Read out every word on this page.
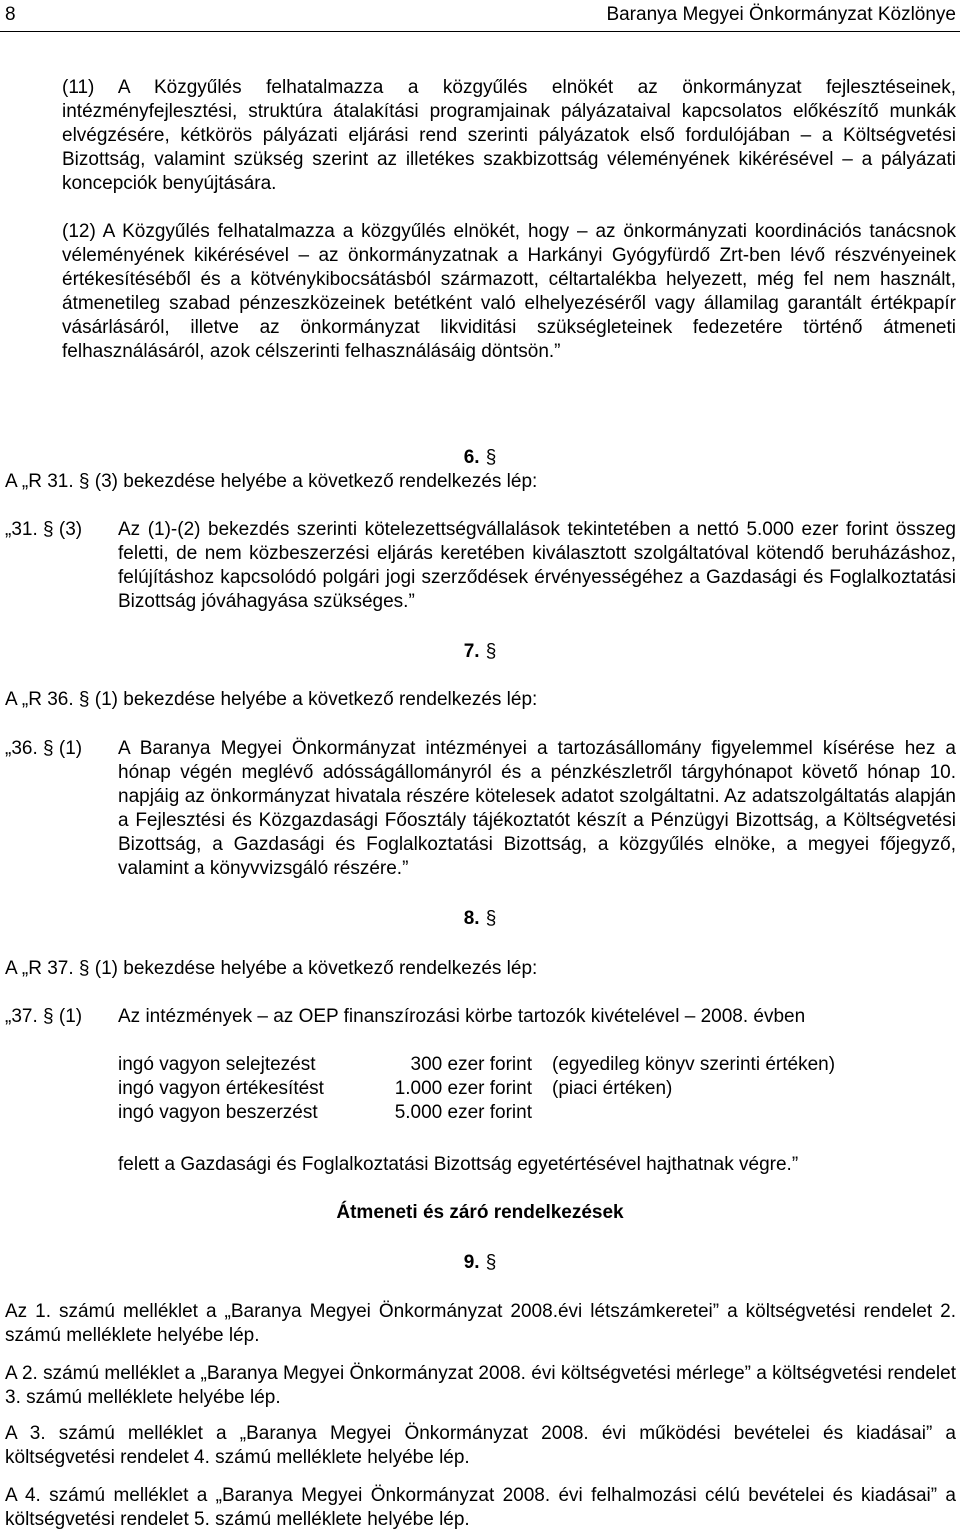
8	Baranya Megyei Önkormányzat Közlönye

(11) A Közgyűlés felhatalmazza a közgyűlés elnökét az önkormányzat fejlesztéseinek, intézményfejlesztési, struktúra átalakítási programjainak pályázataival kapcsolatos előkészítő munkák elvégzésére, kétkörös pályázati eljárási rend szerinti pályázatok első fordulójában – a Költségvetési Bizottság, valamint szükség szerint az illetékes szakbizottság véleményének kikérésével – a pályázati koncepciók benyújtására.

(12) A Közgyűlés felhatalmazza a közgyűlés elnökét, hogy – az önkormányzati koordinációs tanácsnok véleményének kikérésével – az önkormányzatnak a Harkányi Gyógyfürdő Zrt-ben lévő részvényeinek értékesítéséből és a kötvénykibocsátásból származott, céltartalékba helyezett, még fel nem használt, átmenetileg szabad pénzeszközeinek betétként való elhelyezéséről vagy államilag garantált értékpapír vásárlásáról, illetve az önkormányzat likviditási szükségleteinek fedezetére történő átmeneti felhasználásáról, azok célszerinti felhasználásáig döntsön.”

6. §

A „R 31. § (3) bekezdése helyébe a következő rendelkezés lép:

„31. § (3) Az (1)-(2) bekezdés szerinti kötelezettségvállalások tekintetében a nettó 5.000 ezer forint összeg feletti, de nem közbeszerzési eljárás keretében kiválasztott szolgáltatóval kötendő beruházáshoz, felújításhoz kapcsolódó polgári jogi szerződések érvényességéhez a Gazdasági és Foglalkoztatási Bizottság jóváhagyása szükséges.”

7. §

A „R 36. § (1) bekezdése helyébe a következő rendelkezés lép:

„36. § (1) A Baranya Megyei Önkormányzat intézményei a tartozásállomány figyelemmel kísérése hez a hónap végén meglévő adósságállományról és a pénzkészletről tárgyhónapot követő hónap 10. napjáig az önkormányzat hivatala részére kötelesek adatot szolgáltatni. Az adatszolgáltatás alapján a Fejlesztési és Közgazdasági Főosztály tájékoztatót készít a Pénzügyi Bizottság, a Költségvetési Bizottság, a Gazdasági és Foglalkoztatási Bizottság, a közgyűlés elnöke, a megyei főjegyző, valamint a könyvvizsgáló részére.”

8. §

A „R 37. § (1) bekezdése helyébe a következő rendelkezés lép:

„37. § (1) Az intézmények – az OEP finanszírozási körbe tartozók kivételével – 2008. évben

ingó vagyon selejtezést	300 ezer forint	(egyedileg könyv szerinti értéken)
ingó vagyon értékesítést	1.000 ezer forint	(piaci értéken)
ingó vagyon beszerzést	5.000 ezer forint	

felett a Gazdasági és Foglalkoztatási Bizottság egyetértésével hajthatnak végre.”

Átmeneti és záró rendelkezések
9. §

Az 1. számú melléklet a „Baranya Megyei Önkormányzat 2008.évi létszámkeretei” a költségvetési rendelet 2. számú melléklete helyébe lép.

A 2. számú melléklet a „Baranya Megyei Önkormányzat 2008. évi költségvetési mérlege” a költségvetési rendelet 3. számú melléklete helyébe lép.

A 3. számú melléklet a „Baranya Megyei Önkormányzat 2008. évi működési bevételei és kiadásai” a költségvetési rendelet 4. számú melléklete helyébe lép.

A 4. számú melléklet a „Baranya Megyei Önkormányzat 2008. évi felhalmozási célú bevételei és kiadásai” a költségvetési rendelet 5. számú melléklete helyébe lép.
